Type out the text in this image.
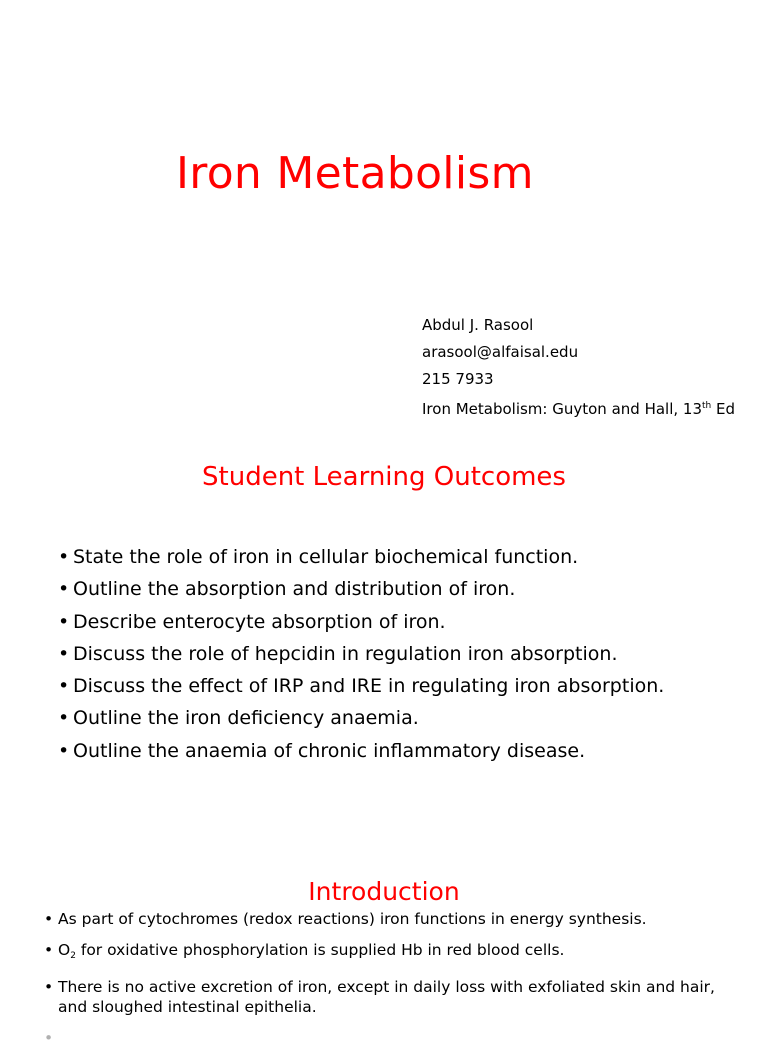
Iron Metabolism
Abdul J. Rasool
arasool@alfaisal.edu
215 7933
Iron Metabolism: Guyton and Hall, 13th Ed
Student Learning Outcomes
• State the role of iron in cellular biochemical function.
• Outline the absorption and distribution of iron.
• Describe enterocyte absorption of iron.
• Discuss the role of hepcidin in regulation iron absorption.
• Discuss the effect of IRP and IRE in regulating iron absorption.
• Outline the iron deficiency anaemia.
• Outline the anaemia of chronic inflammatory disease.
Introduction
• As part of cytochromes (redox reactions) iron functions in energy synthesis.
• $O_2$ for oxidative phosphorylation is supplied Hb in red blood cells.
• There is no active excretion of iron, except in daily loss with exfoliated skin and hair, and sloughed intestinal epithelia.
•
